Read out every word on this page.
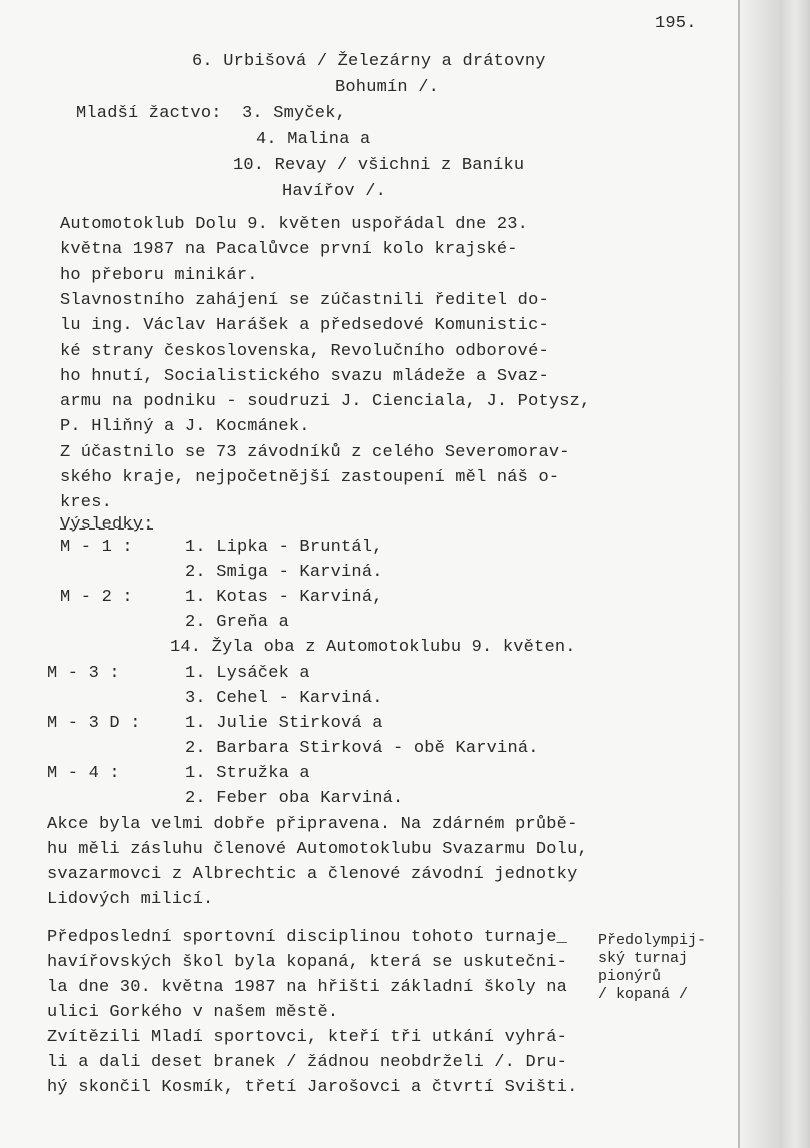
195.
6. Urbišová / Železárny a drátovny
Bohumín /.
Mladší žactvo: 3. Smyček,
4. Malina a
10. Revay / všichni z Baníku
Havířov /.
Automotoklub Dolu 9. květen uspořádal dne 23.
května 1987 na Pacalůvce první kolo krajské-
ho přeboru minikár.
Slavnostního zahájení se zúčastnili ředitel do-
lu ing. Václav Harášek a předsedové Komunistic-
ké strany československa, Revolučního odborové-
ho hnutí, Socialistického svazu mládeže a Svaz-
armu na podniku - soudruzi J. Cienciala, J. Potysz,
P. Hliňný a J. Kocmánek.
Z účastnilo se 73 závodníků z celého Severomorav-
ského kraje, nejpočetnější zastoupení měl náš o-
kres.
Výsledky:
M - 1 :	1. Lipka - Bruntál,
2. Smiga - Karviná.
M - 2 :	1. Kotas - Karviná,
2. Greňa a
14. Žyla oba z Automotoklubu 9. květen.
M - 3 :	1. Lysáček a
3. Cehel - Karviná.
M - 3 D :	1. Julie Stirková a
2. Barbara Stirková - obě Karviná.
M - 4 :	1. Stružka a
2. Feber oba Karviná.
Akce byla velmi dobře připravena. Na zdárném průbě-
hu měli zásluhu členové Automotoklubu Svazarmu Dolu,
svazarmovci z Albrechtic a členové závodní jednotky
Lidových milicí.
Předposlední sportovní disciplinou tohoto turnaje_
havířovských škol byla kopaná, která se uskutečni-
la dne 30. května 1987 na hřišti základní školy na
ulici Gorkého v našem městě.
Zvítězili Mladí sportovci, kteří tři utkání vyhrá-
li a dali deset branek / žádnou neobdrželi /. Dru-
hý skončil Kosmík, třetí Jarošovci a čtvrtí Svišti.
Předolympij-
ský turnaj
pionýrů
/ kopaná /
